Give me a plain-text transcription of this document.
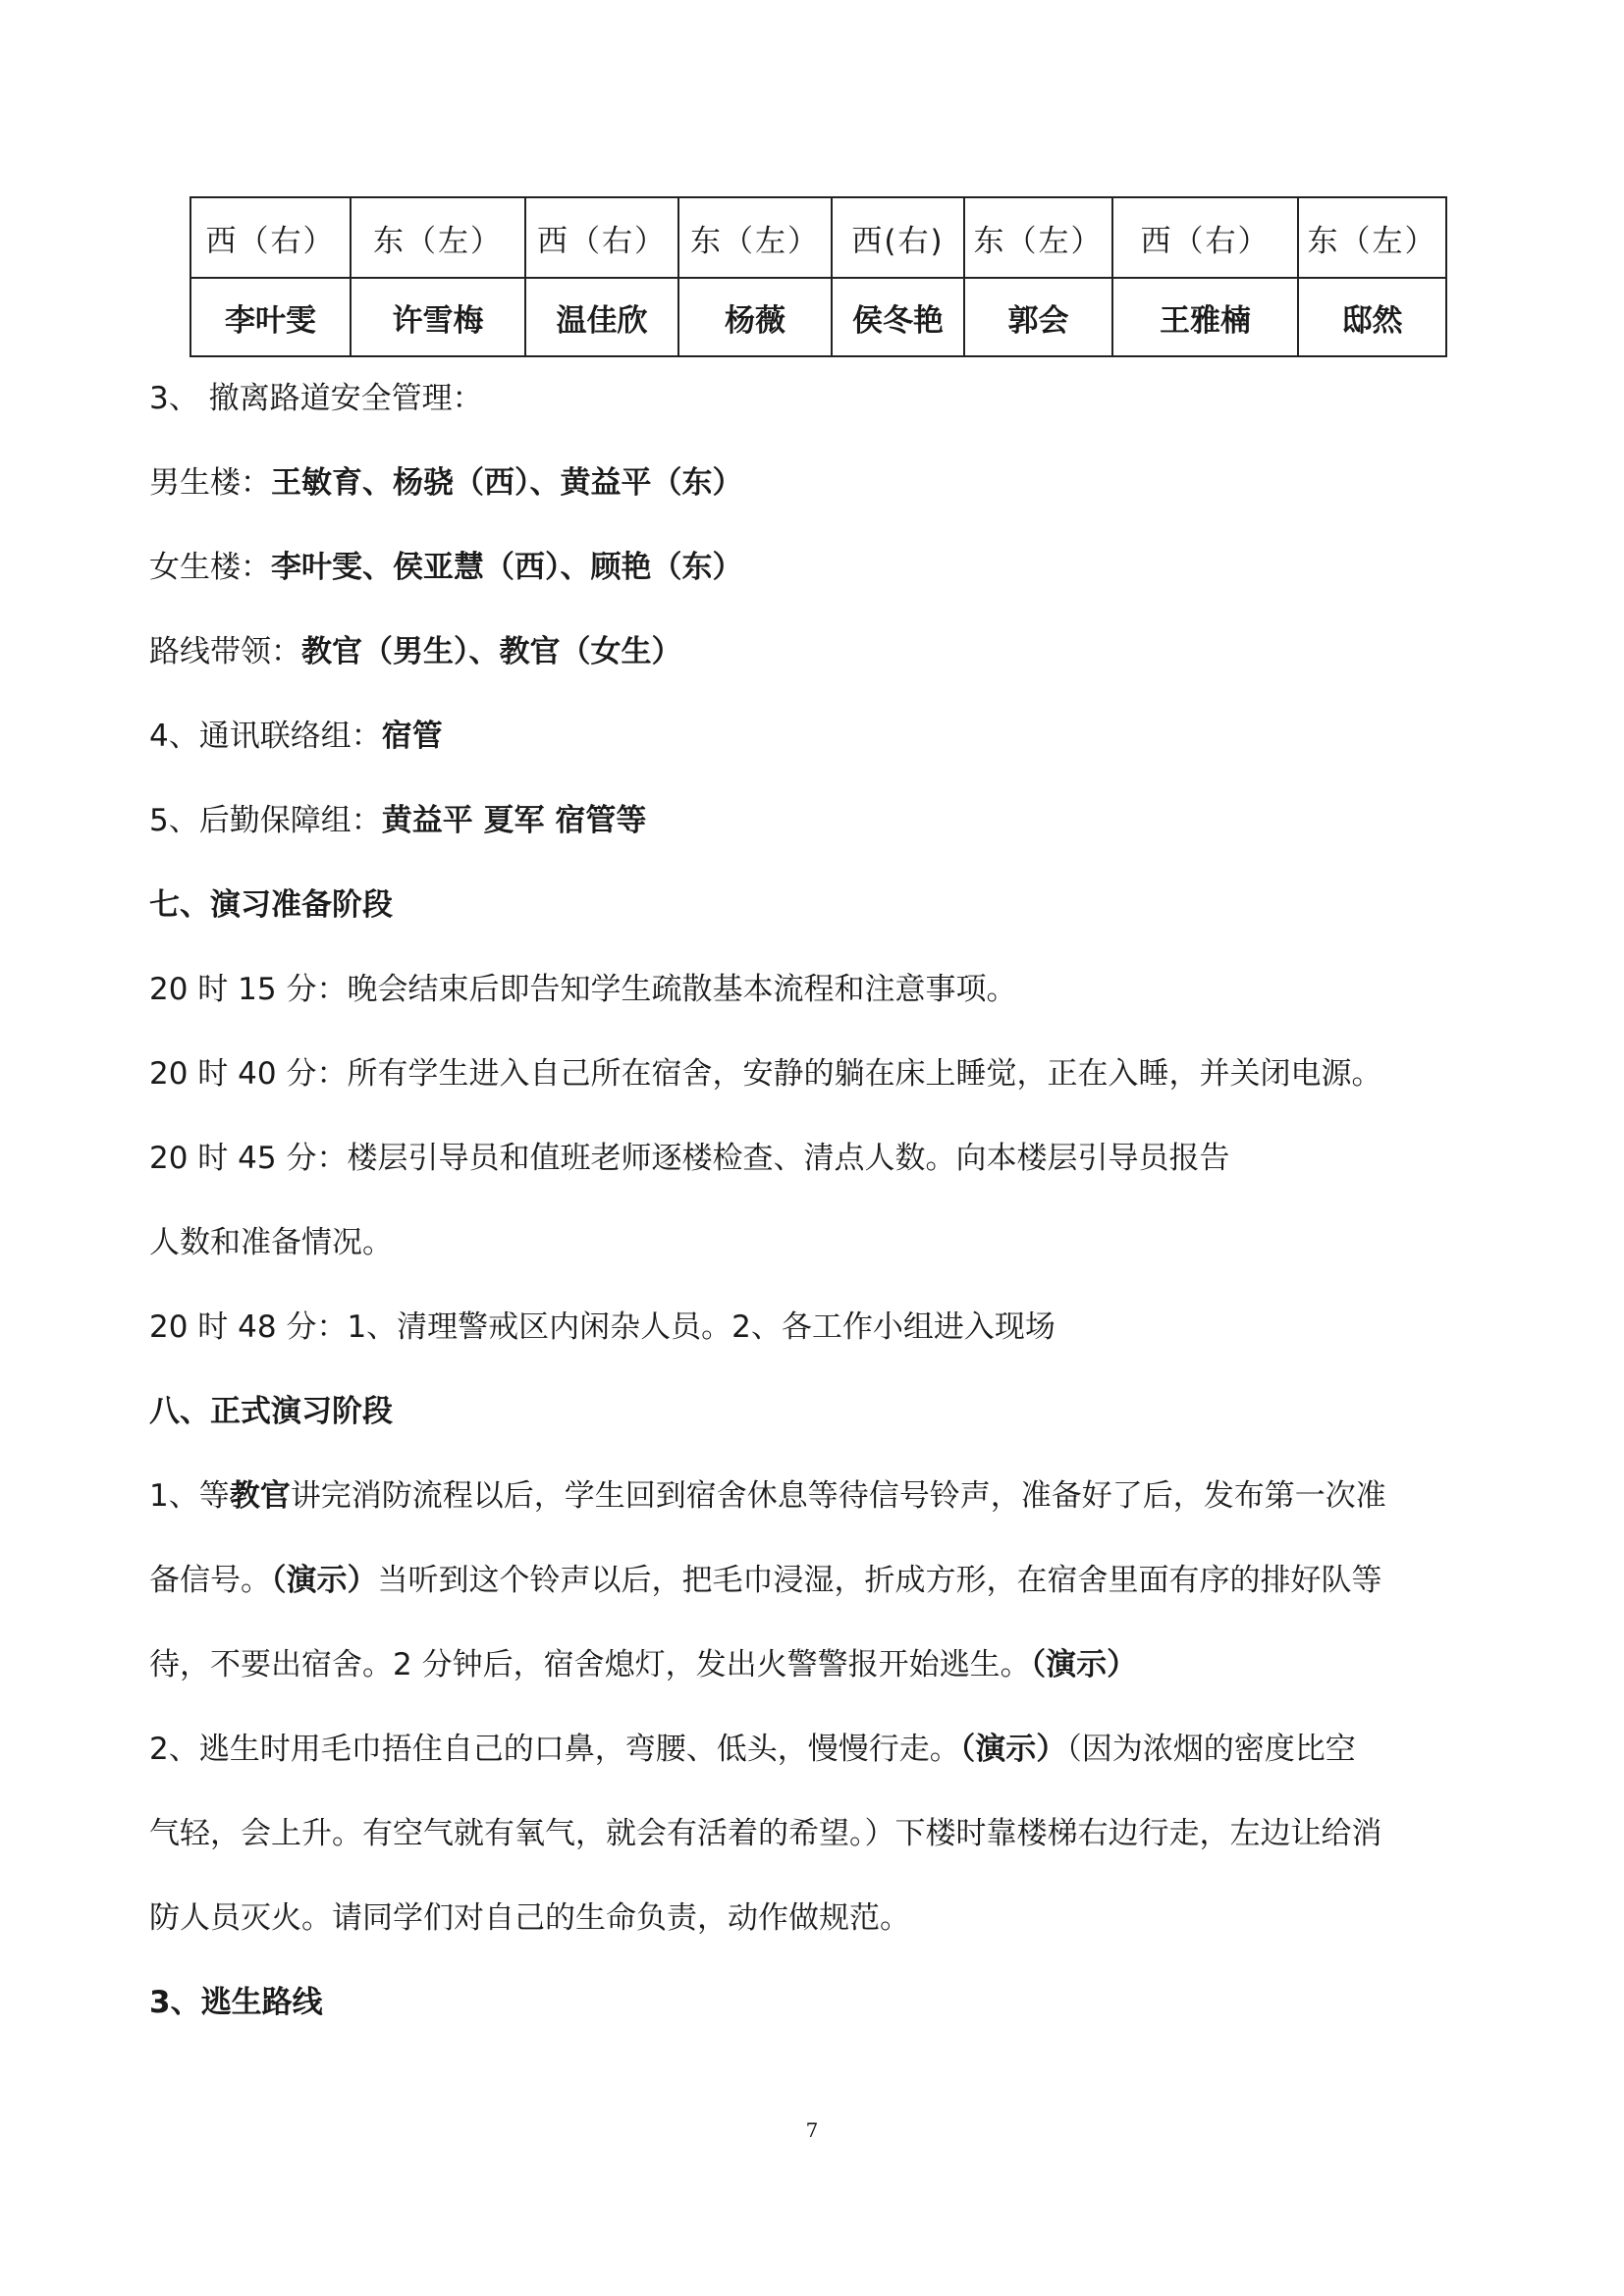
西（右）	东（左）	西（右）	东（左）	西(右)	东（左）	西（右）	东（左）
李叶雯	许雪梅	温佳欣	杨薇	侯冬艳	郭会	王雅楠	邸然
3、 撤离路道安全管理：
男生楼：王敏育、杨骁（西）、黄益平（东）
女生楼：李叶雯、侯亚慧（西）、顾艳（东）
路线带领：教官（男生）、教官（女生）
4、通讯联络组：宿管
5、后勤保障组：黄益平 夏军 宿管等
七、演习准备阶段
20 时 15 分：晚会结束后即告知学生疏散基本流程和注意事项。
20 时 40 分：所有学生进入自己所在宿舍，安静的躺在床上睡觉，正在入睡，并关闭电源。
20 时 45 分：楼层引导员和值班老师逐楼检查、清点人数。向本楼层引导员报告
人数和准备情况。
20 时 48 分：1、清理警戒区内闲杂人员。2、各工作小组进入现场
八、正式演习阶段
1、等教官讲完消防流程以后，学生回到宿舍休息等待信号铃声，准备好了后，发布第一次准
备信号。（演示）当听到这个铃声以后，把毛巾浸湿，折成方形，在宿舍里面有序的排好队等
待，不要出宿舍。2 分钟后，宿舍熄灯，发出火警警报开始逃生。（演示）
2、逃生时用毛巾捂住自己的口鼻，弯腰、低头，慢慢行走。（演示）（因为浓烟的密度比空
气轻，会上升。有空气就有氧气，就会有活着的希望。）下楼时靠楼梯右边行走，左边让给消
防人员灭火。请同学们对自己的生命负责，动作做规范。
3、逃生路线
7
